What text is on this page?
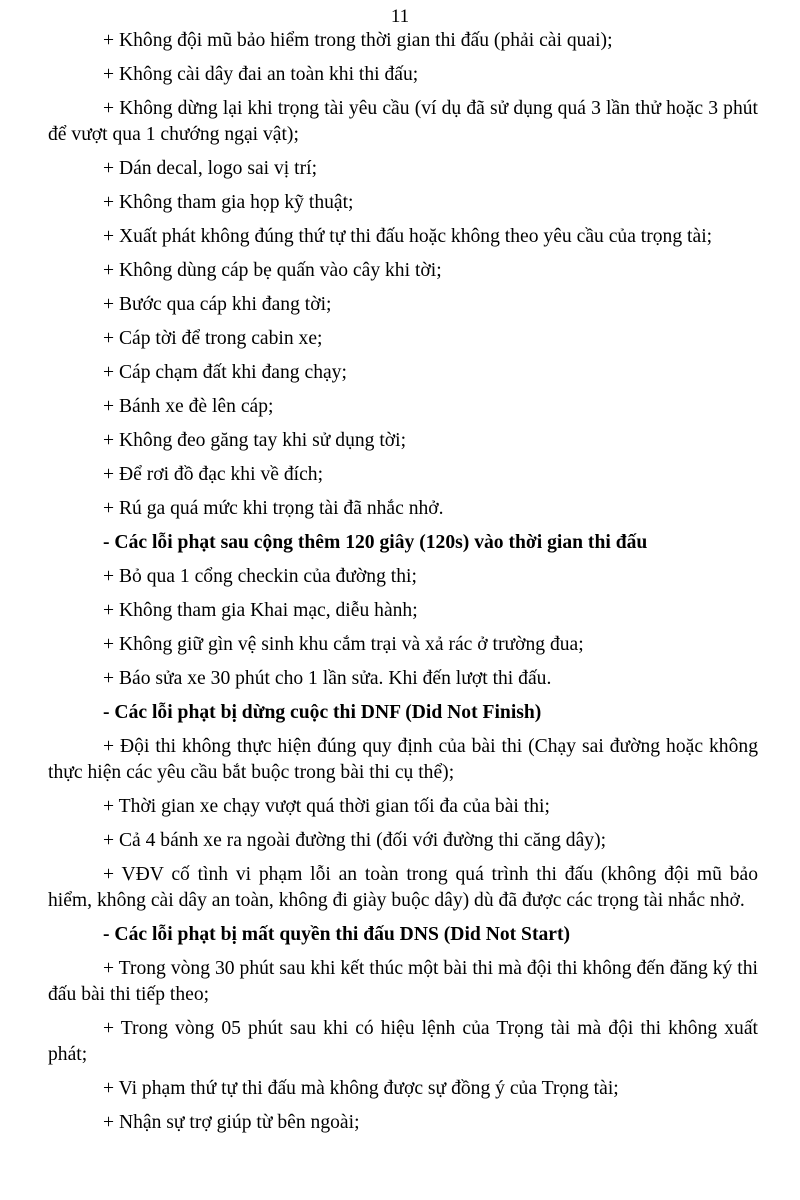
11

+ Không đội mũ bảo hiểm trong thời gian thi đấu (phải cài quai);

+ Không cài dây đai an toàn khi thi đấu;

+ Không dừng lại khi trọng tài yêu cầu (ví dụ đã sử dụng quá 3 lần thử hoặc 3 phút để vượt qua 1 chướng ngại vật);

+ Dán decal, logo sai vị trí;

+ Không tham gia họp kỹ thuật;

+ Xuất phát không đúng thứ tự thi đấu hoặc không theo yêu cầu của trọng tài;

+ Không dùng cáp bẹ quấn vào cây khi tời;

+ Bước qua cáp khi đang tời;

+ Cáp tời để trong cabin xe;

+ Cáp chạm đất khi đang chạy;

+ Bánh xe đè lên cáp;

+ Không đeo găng tay khi sử dụng tời;

+ Để rơi đồ đạc khi về đích;

+ Rú ga quá mức khi trọng tài đã nhắc nhở.

- Các lỗi phạt sau cộng thêm 120 giây (120s) vào thời gian thi đấu

+ Bỏ qua 1 cổng checkin của đường thi;

+ Không tham gia Khai mạc, diễu hành;

+ Không giữ gìn vệ sinh khu cắm trại và xả rác ở trường đua;

+ Báo sửa xe 30 phút cho 1 lần sửa. Khi đến lượt thi đấu.

- Các lỗi phạt bị dừng cuộc thi DNF (Did Not Finish)

+ Đội thi không thực hiện đúng quy định của bài thi (Chạy sai đường hoặc không thực hiện các yêu cầu bắt buộc trong bài thi cụ thể);

+ Thời gian xe chạy vượt quá thời gian tối đa của bài thi;

+ Cả 4 bánh xe ra ngoài đường thi (đối với đường thi căng dây);

+ VĐV cố tình vi phạm lỗi an toàn trong quá trình thi đấu (không đội mũ bảo hiểm, không cài dây an toàn, không đi giày buộc dây) dù đã được các trọng tài nhắc nhở.

- Các lỗi phạt bị mất quyền thi đấu DNS (Did Not Start)

+ Trong vòng 30 phút sau khi kết thúc một bài thi mà đội thi không đến đăng ký thi đấu bài thi tiếp theo;

+ Trong vòng 05 phút sau khi có hiệu lệnh của Trọng tài mà đội thi không xuất phát;

+ Vi phạm thứ tự thi đấu mà không được sự đồng ý của Trọng tài;

+ Nhận sự trợ giúp từ bên ngoài;
